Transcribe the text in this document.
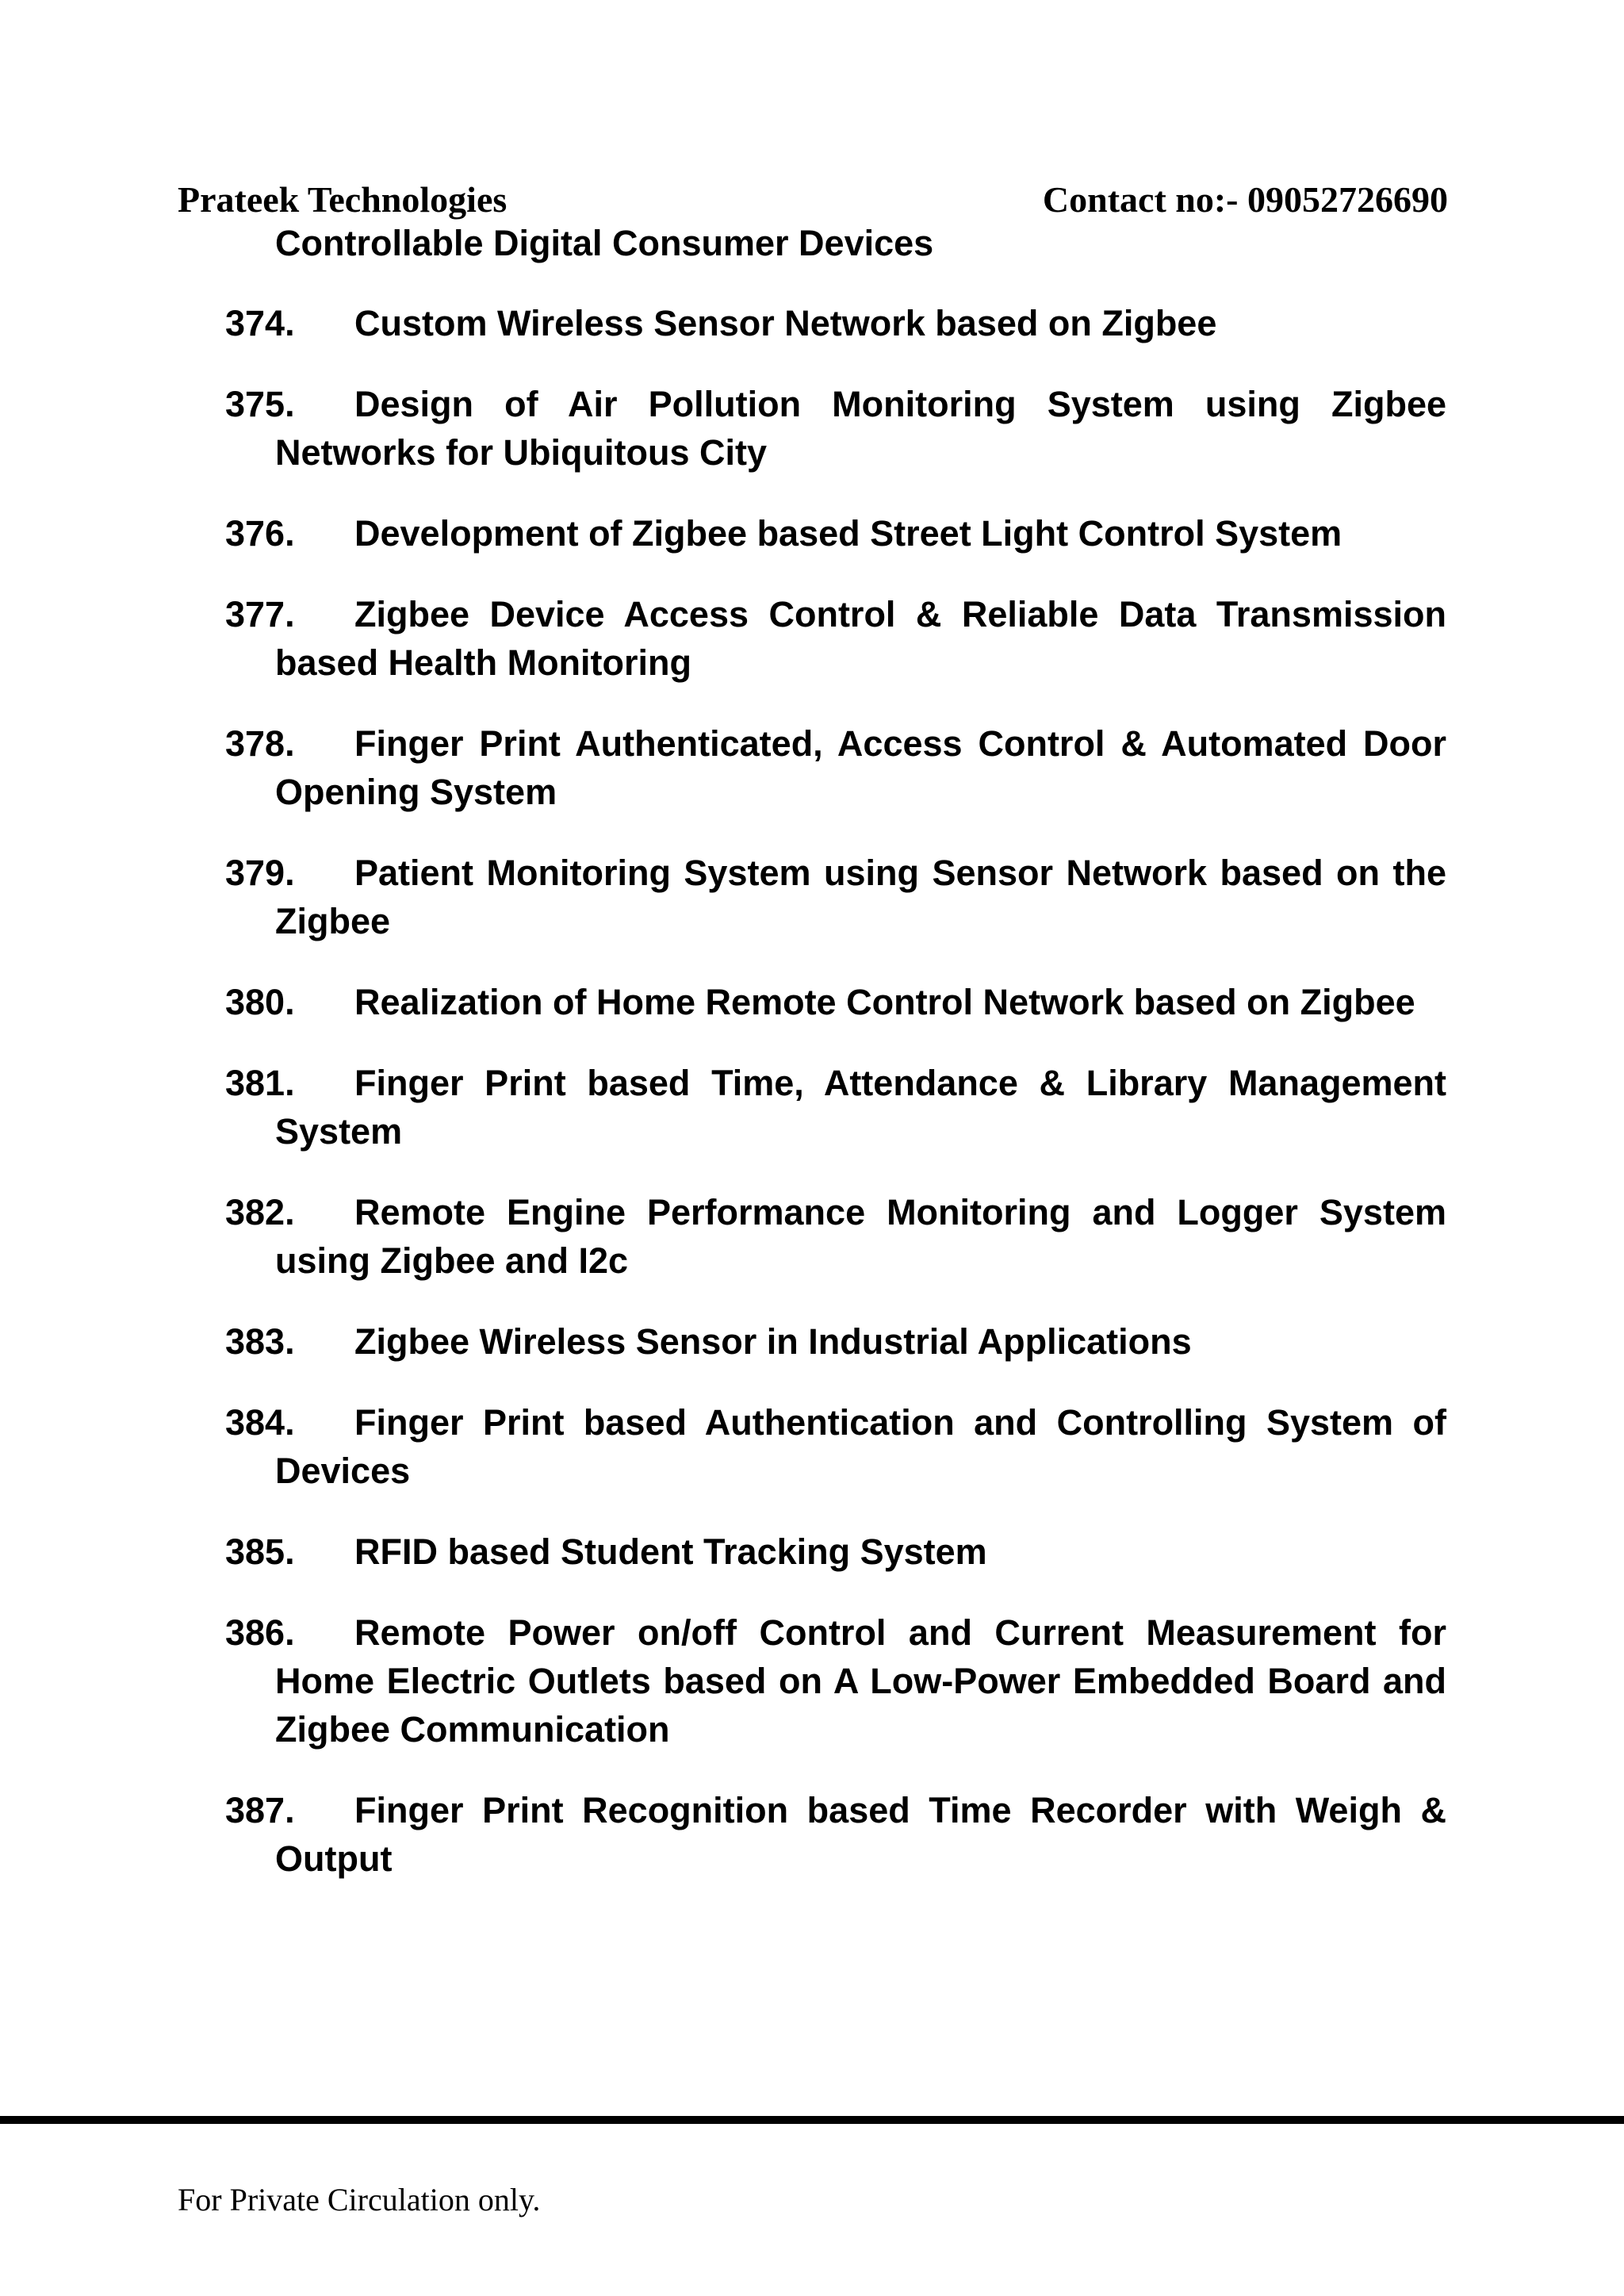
Prateek Technologies	Contact no:- 09052726690
Controllable Digital Consumer Devices
374. Custom Wireless Sensor Network based on Zigbee
375. Design of Air Pollution Monitoring System using Zigbee Networks for Ubiquitous City
376. Development of Zigbee based Street Light Control System
377. Zigbee Device Access Control & Reliable Data Transmission based Health Monitoring
378. Finger Print Authenticated, Access Control & Automated Door Opening System
379. Patient Monitoring System using Sensor Network based on the Zigbee
380. Realization of Home Remote Control Network based on Zigbee
381. Finger Print based Time, Attendance & Library Management System
382. Remote Engine Performance Monitoring and Logger System using Zigbee and I2c
383. Zigbee Wireless Sensor in Industrial Applications
384. Finger Print based Authentication and Controlling System of Devices
385. RFID based Student Tracking System
386. Remote Power on/off Control and Current Measurement for Home Electric Outlets based on A Low-Power Embedded Board and Zigbee Communication
387. Finger Print Recognition based Time Recorder with Weigh & Output
For Private Circulation only.
